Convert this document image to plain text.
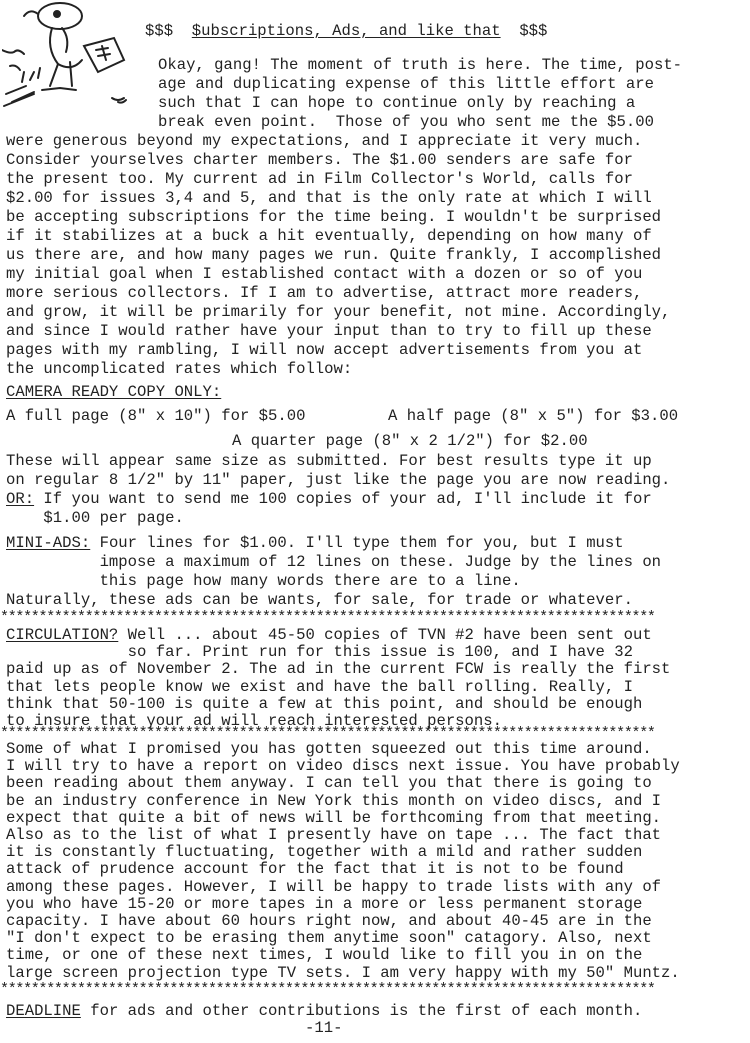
$$$ $ubscriptions, Ads, and like that $$$
Okay, gang! The moment of truth is here. The time, post-
age and duplicating expense of this little effort are
such that I can hope to continue only by reaching a
break even point.  Those of you who sent me the $5.00
were generous beyond my expectations, and I appreciate it very much.
Consider yourselves charter members. The $1.00 senders are safe for
the present too. My current ad in Film Collector's World, calls for
$2.00 for issues 3,4 and 5, and that is the only rate at which I will
be accepting subscriptions for the time being. I wouldn't be surprised
if it stabilizes at a buck a hit eventually, depending on how many of
us there are, and how many pages we run. Quite frankly, I accomplished
my initial goal when I established contact with a dozen or so of you
more serious collectors. If I am to advertise, attract more readers,
and grow, it will be primarily for your benefit, not mine. Accordingly,
and since I would rather have your input than to try to fill up these
pages with my rambling, I will now accept advertisements from you at
the uncomplicated rates which follow:
CAMERA READY COPY ONLY:
A full page (8" x 10") for $5.00	A half page (8" x 5") for $3.00
A quarter page (8" x 2 1/2") for $2.00
These will appear same size as submitted. For best results type it up
on regular 8 1/2" by 11" paper, just like the page you are now reading.
OR: If you want to send me 100 copies of your ad, I'll include it for
$1.00 per page.
MINI-ADS: Four lines for $1.00. I'll type them for you, but I must
impose a maximum of 12 lines on these. Judge by the lines on
this page how many words there are to a line.
Naturally, these ads can be wants, for sale, for trade or whatever.
*************************************************************************************
CIRCULATION? Well ... about 45-50 copies of TVN #2 have been sent out
so far. Print run for this issue is 100, and I have 32
paid up as of November 2. The ad in the current FCW is really the first
that lets people know we exist and have the ball rolling. Really, I
think that 50-100 is quite a few at this point, and should be enough
to insure that your ad will reach interested persons.
*************************************************************************************
Some of what I promised you has gotten squeezed out this time around.
I will try to have a report on video discs next issue. You have probably
been reading about them anyway. I can tell you that there is going to
be an industry conference in New York this month on video discs, and I
expect that quite a bit of news will be forthcoming from that meeting.
Also as to the list of what I presently have on tape ... The fact that
it is constantly fluctuating, together with a mild and rather sudden
attack of prudence account for the fact that it is not to be found
among these pages. However, I will be happy to trade lists with any of
you who have 15-20 or more tapes in a more or less permanent storage
capacity. I have about 60 hours right now, and about 40-45 are in the
"I don't expect to be erasing them anytime soon" catagory. Also, next
time, or one of these next times, I would like to fill you in on the
large screen projection type TV sets. I am very happy with my 50" Muntz.
*************************************************************************************
DEADLINE for ads and other contributions is the first of each month.
-11-
